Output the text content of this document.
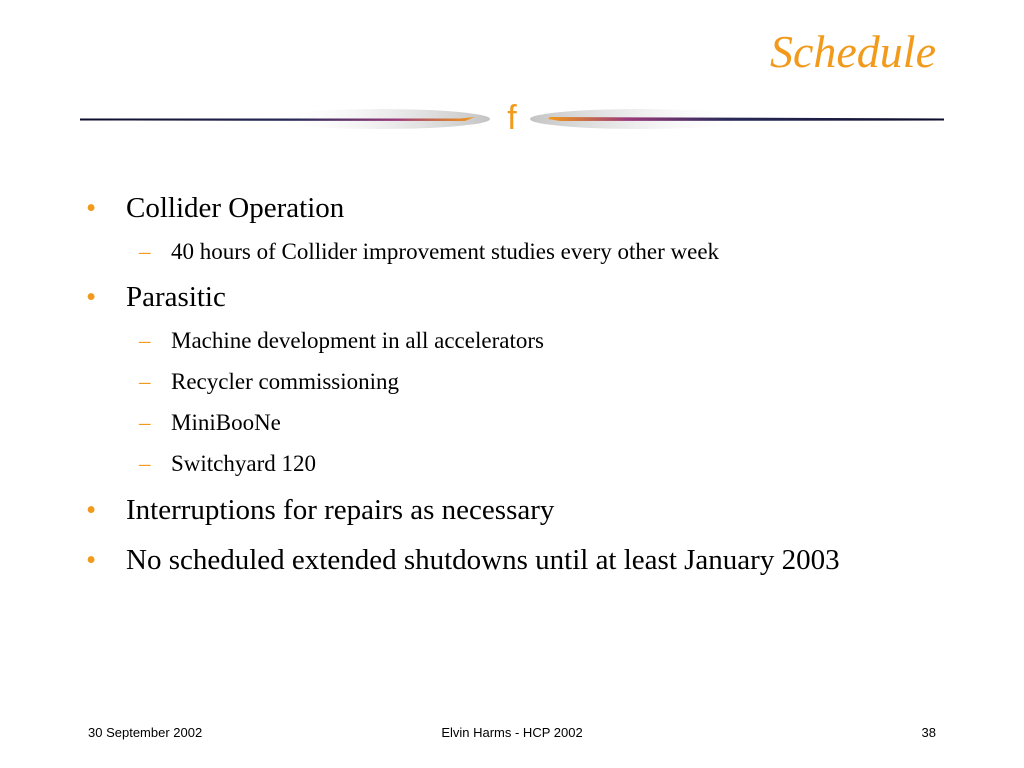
Schedule
f
• Collider Operation
– 40 hours of Collider improvement studies every other week
• Parasitic
– Machine development in all accelerators
– Recycler commissioning
– MiniBooNe
– Switchyard 120
• Interruptions for repairs as necessary
• No scheduled extended shutdowns until at least January 2003
30 September 2002	Elvin Harms - HCP 2002	38
